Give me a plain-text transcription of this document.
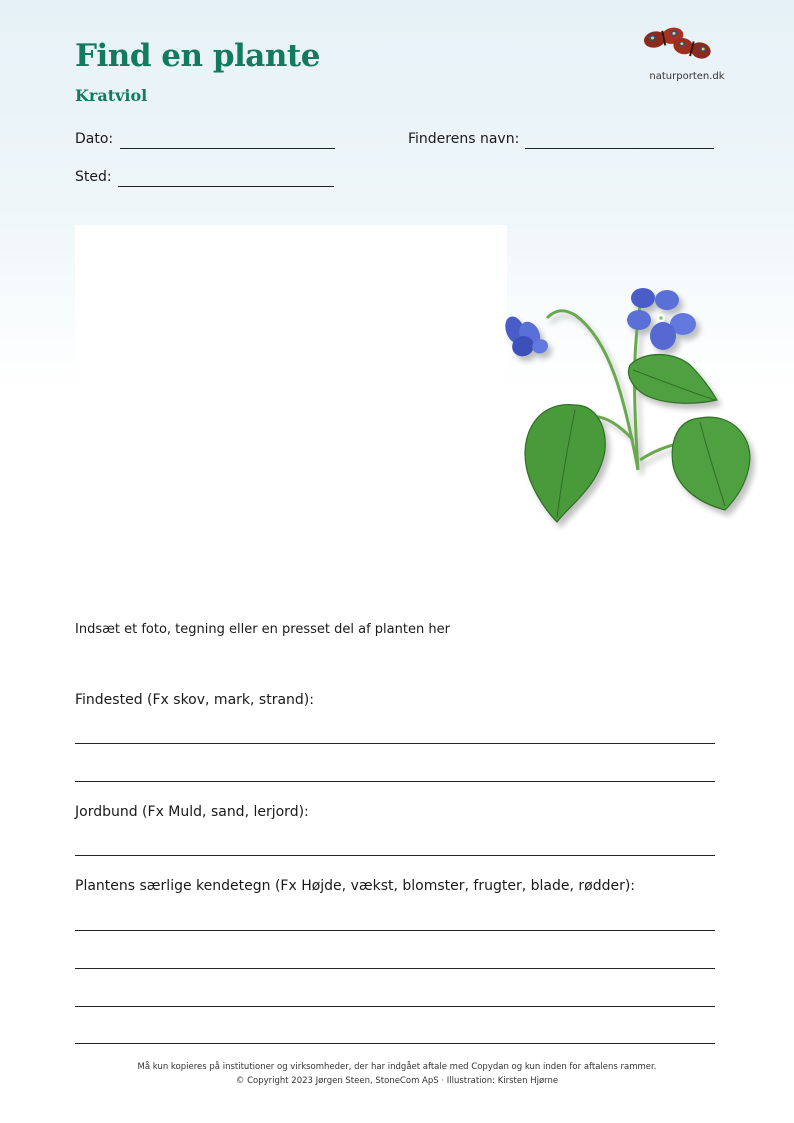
Find en plante
Kratviol
naturporten.dk
Dato:	Finderens navn:
Sted:
Indsæt et foto, tegning eller en presset del af planten her
Findested (Fx skov, mark, strand):
Jordbund (Fx Muld, sand, lerjord):
Plantens særlige kendetegn (Fx Højde, vækst, blomster, frugter, blade, rødder):
Må kun kopieres på institutioner og virksomheder, der har indgået aftale med Copydan og kun inden for aftalens rammer.
© Copyright 2023 Jørgen Steen, StoneCom ApS · Illustration: Kirsten Hjørne
